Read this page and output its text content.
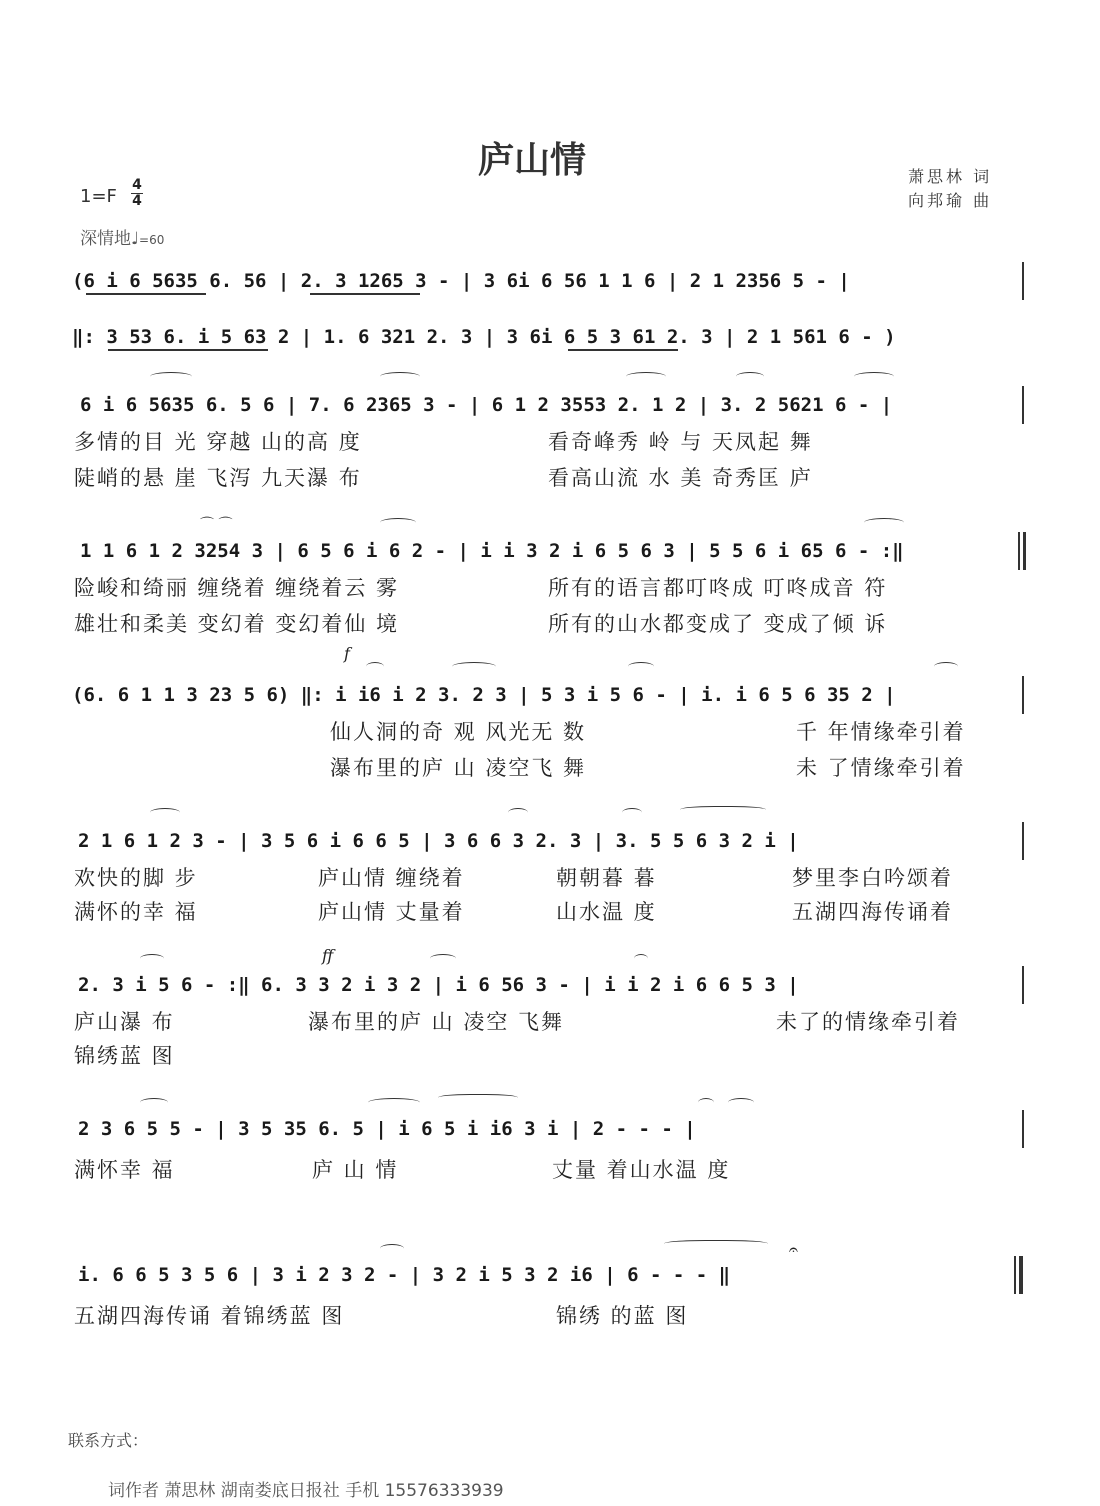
庐山情	萧思林 词
向邦瑜 曲
1=F
4
4
深情地♩=60
(6 i 6 5635 6. 56 | 2. 3 1265 3 - | 3 6i 6 56 1 1 6 | 2 1 2356 5 - |
‖: 3 53 6. i 5 63 2 | 1. 6 321 2. 3 | 3 6i 6 5 3 61 2. 3 | 2 1 561 6 - )
6 i 6 5635 6. 5 6 | 7. 6 2365 3 - | 6 1 2 3553 2. 1 2 | 3. 2 5621 6 - |
多情的目 光 穿越 山的高 度	看奇峰秀 岭 与 天凤起 舞
陡峭的悬 崖 飞泻 九天瀑 布	看高山流 水 美 奇秀匡 庐
⌒ ⌒
1 1 6 1 2 3254 3 | 6 5 6 i 6 2 - | i i 3 2 i 6 5 6 3 | 5 5 6 i 65 6 - :‖
险峻和绮丽 缠绕着 缠绕着云 雾	所有的语言都叮咚成 叮咚成音 符
雄壮和柔美 变幻着 变幻着仙 境	所有的山水都变成了 变成了倾 诉
f
(6. 6 1 1 3 23 5 6) ‖: i i6 i 2 3. 2 3 | 5 3 i 5 6 - | i. i 6 5 6 35 2 |
仙人洞的奇 观 风光无 数	千 年情缘牵引着
瀑布里的庐 山 凌空飞 舞	未 了情缘牵引着
2 1 6 1 2 3 - | 3 5 6 i 6 6 5 | 3 6 6 3 2. 3 | 3. 5 5 6 3 2 i |
欢快的脚 步	庐山情 缠绕着	朝朝暮 暮	梦里李白吟颂着
满怀的幸 福	庐山情 丈量着	山水温 度	五湖四海传诵着
ff
2. 3 i 5 6 - :‖ 6. 3 3 2 i 3 2 | i 6 56 3 - | i i 2 i 6 6 5 3 |
庐山瀑 布	瀑布里的庐 山 凌空 飞舞	未了的情缘牵引着
锦绣蓝 图
2 3 6 5 5 - | 3 5 35 6. 5 | i 6 5 i i6 3 i | 2 - - - |
满怀幸 福	庐 山 情	丈量 着山水温 度
𝄐
i. 6 6 5 3 5 6 | 3 i 2 3 2 - | 3 2 i 5 3 2 i6 | 6 - - - ‖
五湖四海传诵 着锦绣蓝 图	锦绣 的蓝 图
联系方式：
词作者 萧思林 湖南娄底日报社 手机 15576333939
